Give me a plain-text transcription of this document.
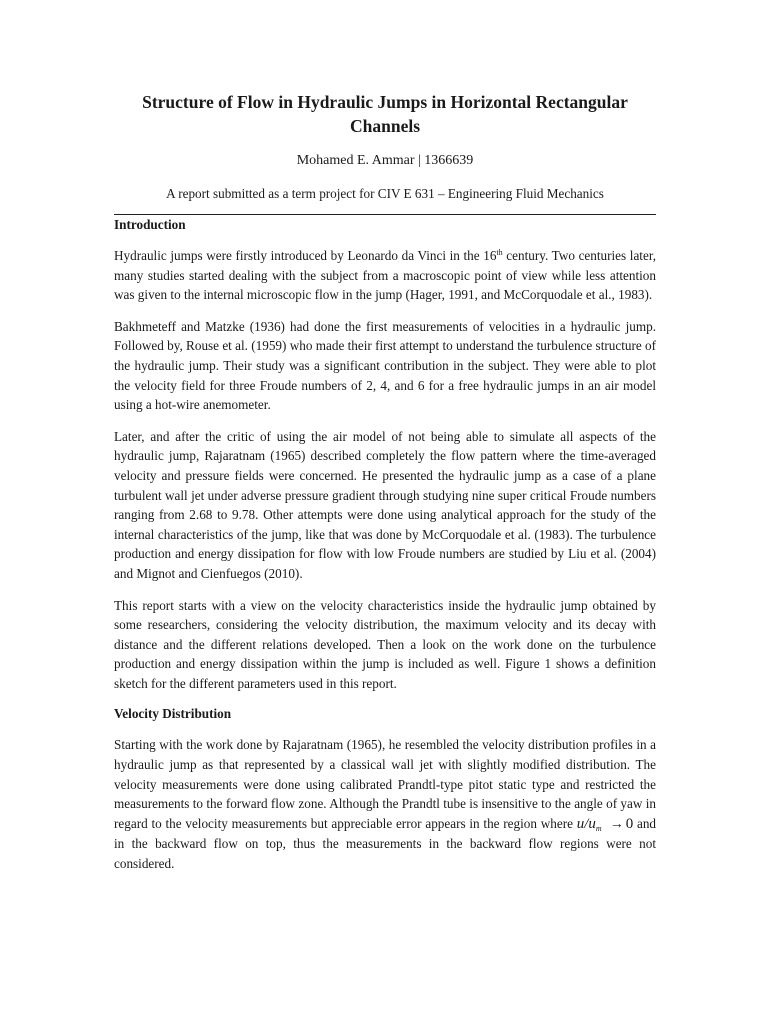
Structure of Flow in Hydraulic Jumps in Horizontal Rectangular Channels
Mohamed E. Ammar | 1366639
A report submitted as a term project for CIV E 631 – Engineering Fluid Mechanics
Introduction

Hydraulic jumps were firstly introduced by Leonardo da Vinci in the 16th century. Two centuries later, many studies started dealing with the subject from a macroscopic point of view while less attention was given to the internal microscopic flow in the jump (Hager, 1991, and McCorquodale et al., 1983).

Bakhmeteff and Matzke (1936) had done the first measurements of velocities in a hydraulic jump. Followed by, Rouse et al. (1959) who made their first attempt to understand the turbulence structure of the hydraulic jump. Their study was a significant contribution in the subject. They were able to plot the velocity field for three Froude numbers of 2, 4, and 6 for a free hydraulic jumps in an air model using a hot-wire anemometer.

Later, and after the critic of using the air model of not being able to simulate all aspects of the hydraulic jump, Rajaratnam (1965) described completely the flow pattern where the time-averaged velocity and pressure fields were concerned. He presented the hydraulic jump as a case of a plane turbulent wall jet under adverse pressure gradient through studying nine super critical Froude numbers ranging from 2.68 to 9.78. Other attempts were done using analytical approach for the study of the internal characteristics of the jump, like that was done by McCorquodale et al. (1983). The turbulence production and energy dissipation for flow with low Froude numbers are studied by Liu et al. (2004) and Mignot and Cienfuegos (2010).

This report starts with a view on the velocity characteristics inside the hydraulic jump obtained by some researchers, considering the velocity distribution, the maximum velocity and its decay with distance and the different relations developed. Then a look on the work done on the turbulence production and energy dissipation within the jump is included as well. Figure 1 shows a definition sketch for the different parameters used in this report.

Velocity Distribution

Starting with the work done by Rajaratnam (1965), he resembled the velocity distribution profiles in a hydraulic jump as that represented by a classical wall jet with slightly modified distribution. The velocity measurements were done using calibrated Prandtl-type pitot static type and restricted the measurements to the forward flow zone. Although the Prandtl tube is insensitive to the angle of yaw in regard to the velocity measurements but appreciable error appears in the region where $u/u_m \to 0$ and in the backward flow on top, thus the measurements in the backward flow regions were not considered.
